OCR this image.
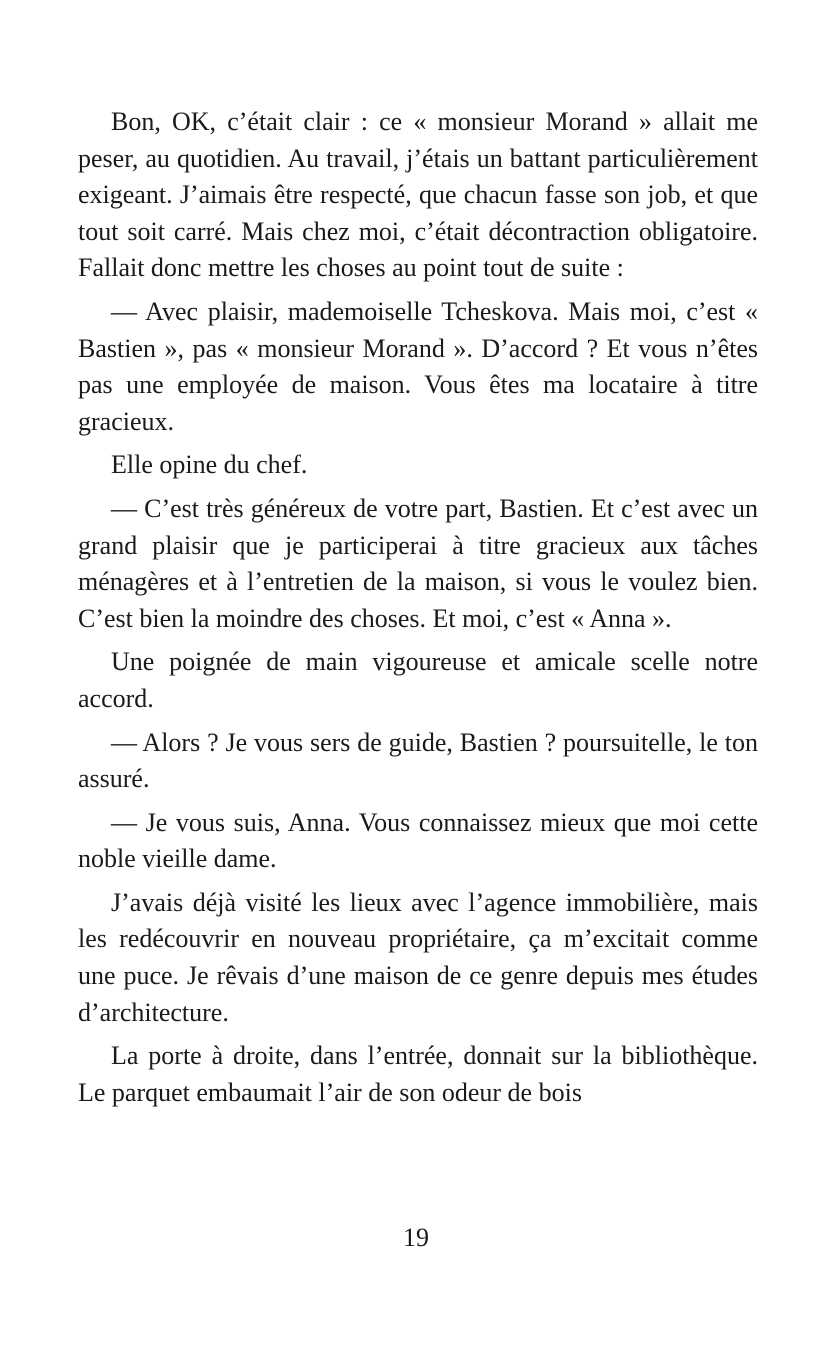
Bon, OK, c’était clair : ce « monsieur Morand » allait me peser, au quotidien. Au travail, j’étais un battant particulièrement exigeant. J’aimais être respecté, que chacun fasse son job, et que tout soit carré. Mais chez moi, c’était décontraction obligatoire. Fallait donc mettre les choses au point tout de suite :

— Avec plaisir, mademoiselle Tcheskova. Mais moi, c’est « Bastien », pas « monsieur Morand ». D’accord ? Et vous n’êtes pas une employée de maison. Vous êtes ma locataire à titre gracieux.

Elle opine du chef.

— C’est très généreux de votre part, Bastien. Et c’est avec un grand plaisir que je participerai à titre gracieux aux tâches ménagères et à l’entretien de la maison, si vous le voulez bien. C’est bien la moindre des choses. Et moi, c’est « Anna ».

Une poignée de main vigoureuse et amicale scelle notre accord.

— Alors ? Je vous sers de guide, Bastien ? poursuitelle, le ton assuré.

— Je vous suis, Anna. Vous connaissez mieux que moi cette noble vieille dame.

J’avais déjà visité les lieux avec l’agence immobilière, mais les redécouvrir en nouveau propriétaire, ça m’excitait comme une puce. Je rêvais d’une maison de ce genre depuis mes études d’architecture.

La porte à droite, dans l’entrée, donnait sur la bibliothèque. Le parquet embaumait l’air de son odeur de bois

19
